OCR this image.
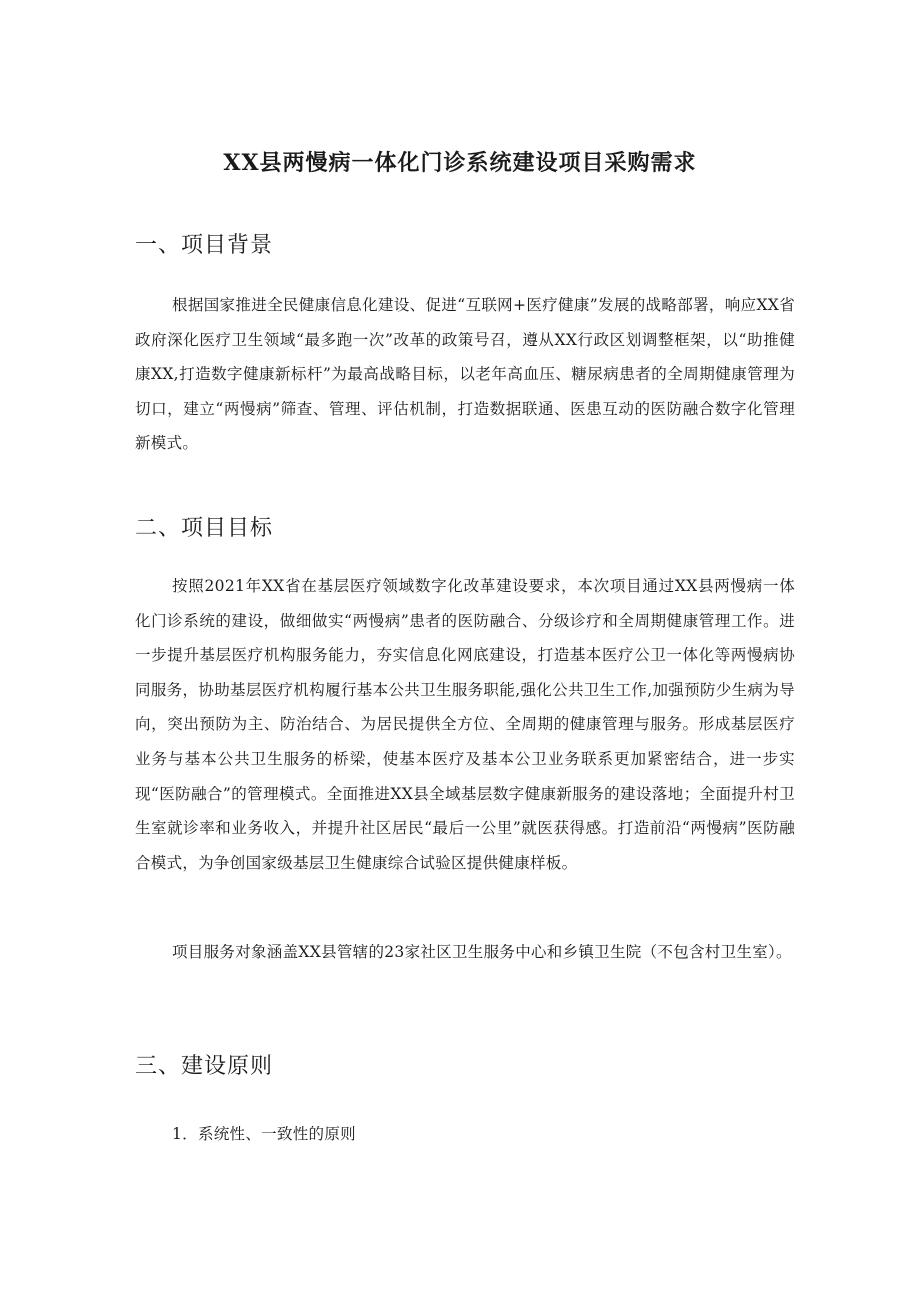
XX县两慢病一体化门诊系统建设项目采购需求
一、项目背景

根据国家推进全民健康信息化建设、促进“互联网+医疗健康”发展的战略部署，响应XX省政府深化医疗卫生领域“最多跑一次”改革的政策号召，遵从XX行政区划调整框架，以“助推健康XX,打造数字健康新标杆”为最高战略目标，以老年高血压、糖尿病患者的全周期健康管理为切口，建立“两慢病”筛查、管理、评估机制，打造数据联通、医患互动的医防融合数字化管理新模式。

二、项目目标

按照2021年XX省在基层医疗领域数字化改革建设要求，本次项目通过XX县两慢病一体化门诊系统的建设，做细做实“两慢病”患者的医防融合、分级诊疗和全周期健康管理工作。进一步提升基层医疗机构服务能力，夯实信息化网底建设，打造基本医疗公卫一体化等两慢病协同服务，协助基层医疗机构履行基本公共卫生服务职能,强化公共卫生工作,加强预防少生病为导向，突出预防为主、防治结合、为居民提供全方位、全周期的健康管理与服务。形成基层医疗业务与基本公共卫生服务的桥梁，使基本医疗及基本公卫业务联系更加紧密结合，进一步实现“医防融合”的管理模式。全面推进XX县全域基层数字健康新服务的建设落地；全面提升村卫生室就诊率和业务收入，并提升社区居民“最后一公里”就医获得感。打造前沿“两慢病”医防融合模式，为争创国家级基层卫生健康综合试验区提供健康样板。

项目服务对象涵盖XX县管辖的23家社区卫生服务中心和乡镇卫生院（不包含村卫生室）。

三、建设原则

1．系统性、一致性的原则
